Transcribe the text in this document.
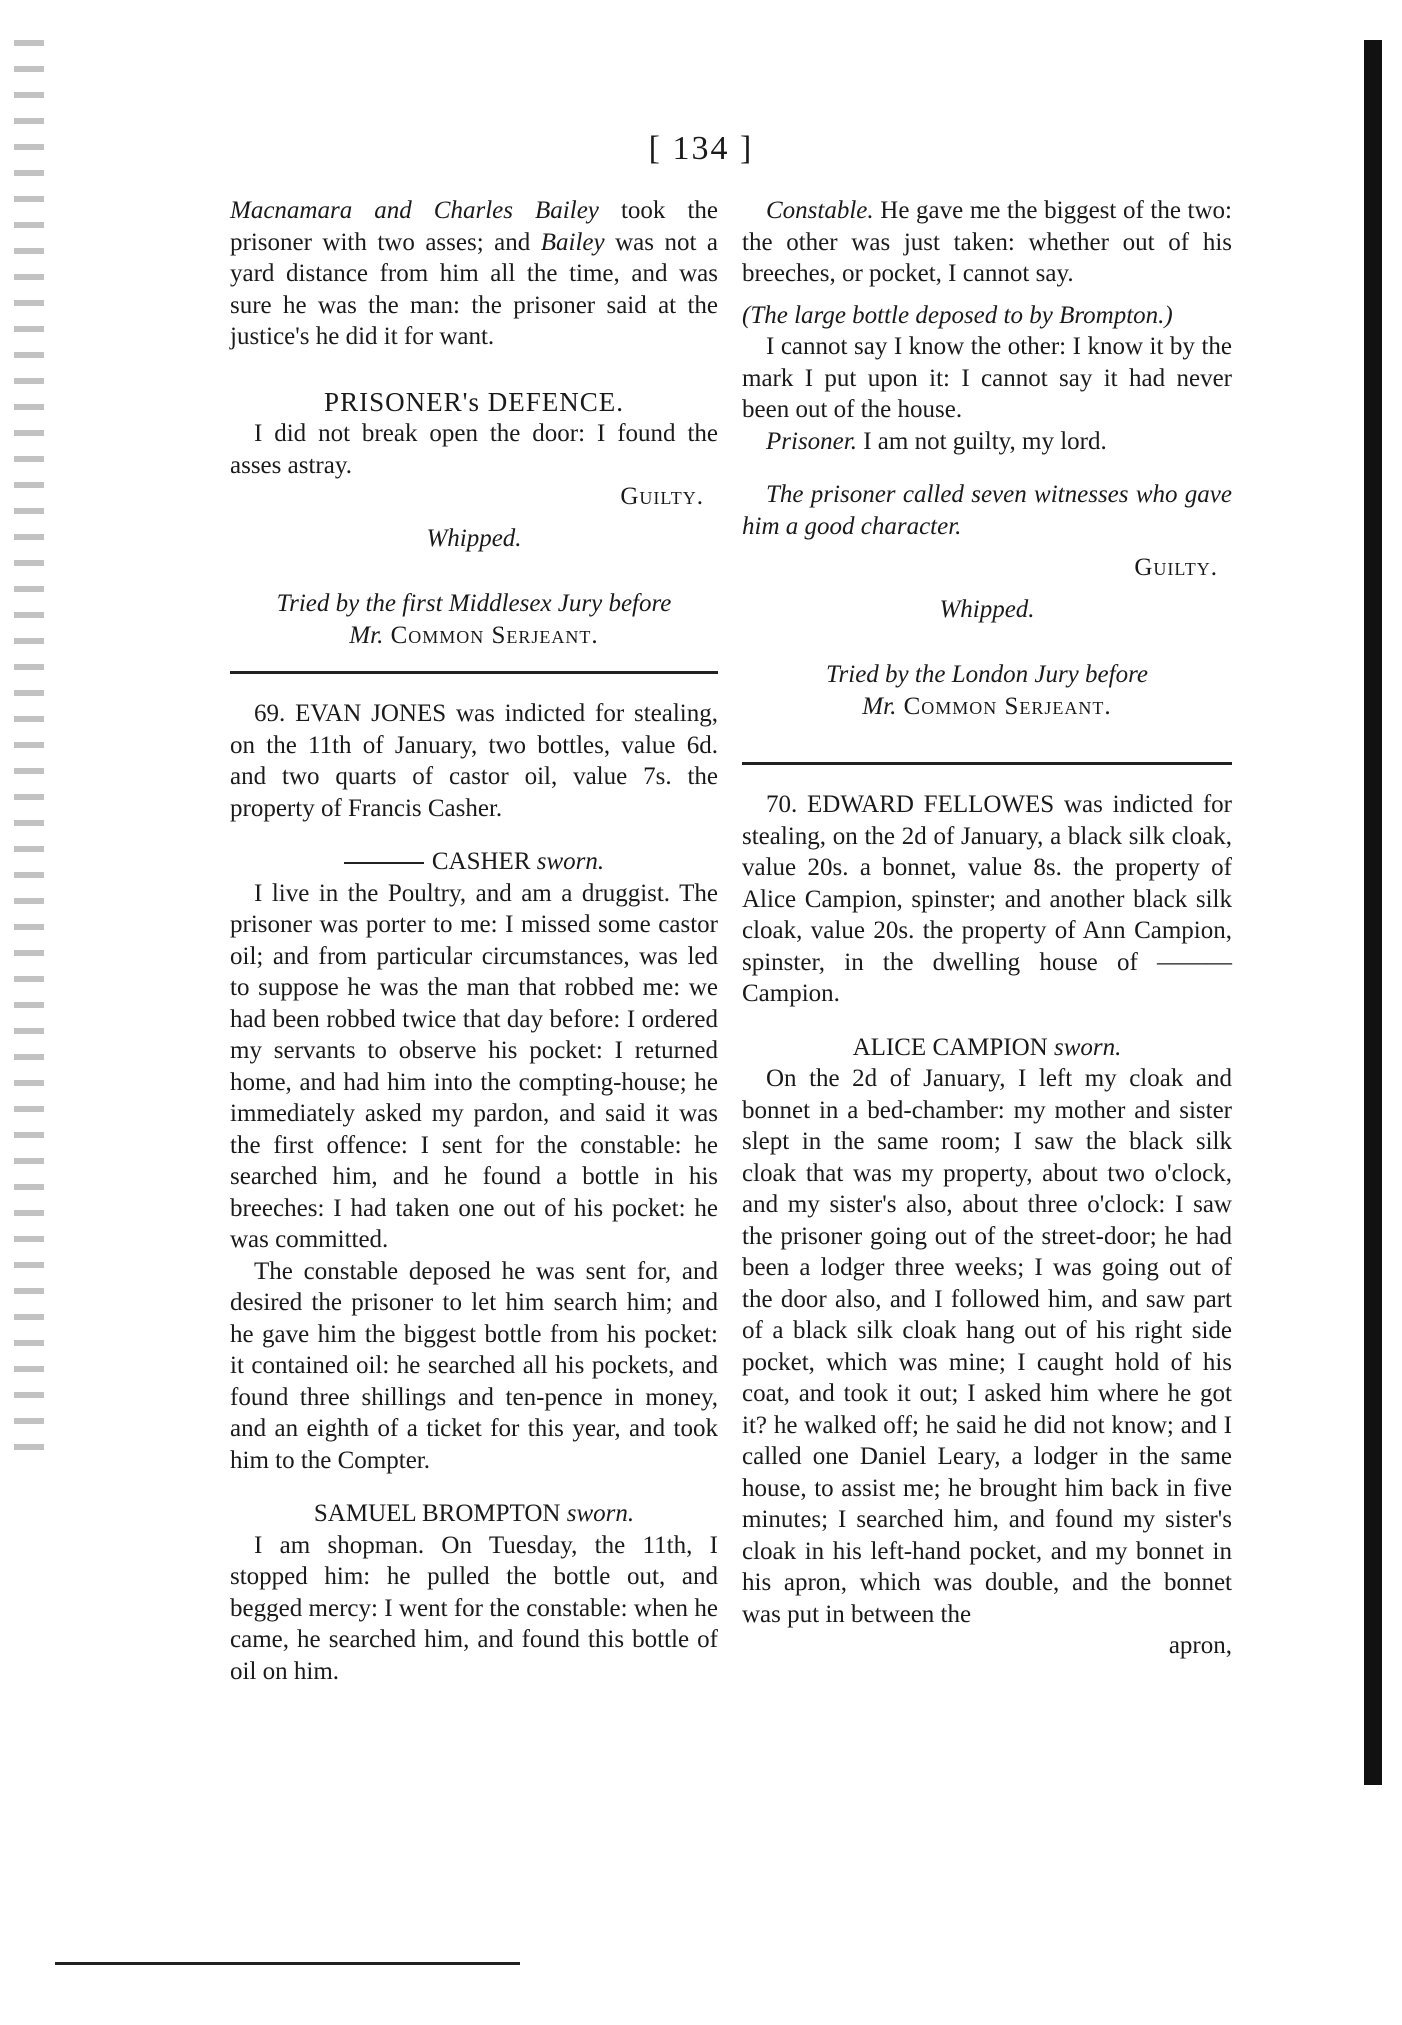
[ 134 ]

Macnamara and Charles Bailey took the prisoner with two asses; and Bailey was not a yard distance from him all the time, and was sure he was the man: the prisoner said at the justice's he did it for want.

PRISONER's DEFENCE.

I did not break open the door: I found the asses astray.

Guilty.

Whipped.

Tried by the first Middlesex Jury before

Mr. Common Serjeant.

69. EVAN JONES was indicted for stealing, on the 11th of January, two bottles, value 6d. and two quarts of castor oil, value 7s. the property of Francis Casher.

CASHER sworn.

I live in the Poultry, and am a druggist. The prisoner was porter to me: I missed some castor oil; and from particular circumstances, was led to suppose he was the man that robbed me: we had been robbed twice that day before: I ordered my servants to observe his pocket: I returned home, and had him into the compting-house; he immediately asked my pardon, and said it was the first offence: I sent for the constable: he searched him, and he found a bottle in his breeches: I had taken one out of his pocket: he was committed.

The constable deposed he was sent for, and desired the prisoner to let him search him; and he gave him the biggest bottle from his pocket: it contained oil: he searched all his pockets, and found three shillings and ten-pence in money, and an eighth of a ticket for this year, and took him to the Compter.

SAMUEL BROMPTON sworn.

I am shopman. On Tuesday, the 11th, I stopped him: he pulled the bottle out, and begged mercy: I went for the constable: when he came, he searched him, and found this bottle of oil on him.

Constable. He gave me the biggest of the two: the other was just taken: whether out of his breeches, or pocket, I cannot say.

(The large bottle deposed to by Brompton.)

I cannot say I know the other: I know it by the mark I put upon it: I cannot say it had never been out of the house.

Prisoner. I am not guilty, my lord.

The prisoner called seven witnesses who gave him a good character.

Guilty.

Whipped.

Tried by the London Jury before

Mr. Common Serjeant.

70. EDWARD FELLOWES was indicted for stealing, on the 2d of January, a black silk cloak, value 20s. a bonnet, value 8s. the property of Alice Campion, spinster; and another black silk cloak, value 20s. the property of Ann Campion, spinster, in the dwelling house of ——— Campion.

ALICE CAMPION sworn.

On the 2d of January, I left my cloak and bonnet in a bed-chamber: my mother and sister slept in the same room; I saw the black silk cloak that was my property, about two o'clock, and my sister's also, about three o'clock: I saw the prisoner going out of the street-door; he had been a lodger three weeks; I was going out of the door also, and I followed him, and saw part of a black silk cloak hang out of his right side pocket, which was mine; I caught hold of his coat, and took it out; I asked him where he got it? he walked off; he said he did not know; and I called one Daniel Leary, a lodger in the same house, to assist me; he brought him back in five minutes; I searched him, and found my sister's cloak in his left-hand pocket, and my bonnet in his apron, which was double, and the bonnet was put in between the

apron,
